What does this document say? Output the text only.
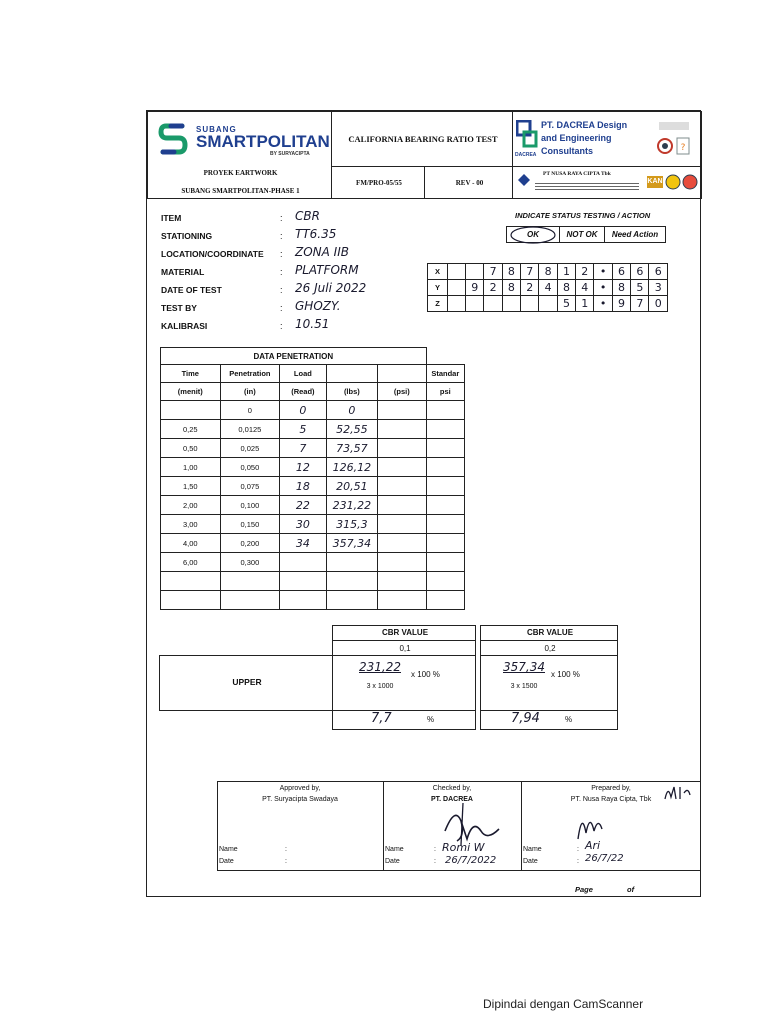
SUBANG
SMARTPOLITAN
BY SURYACIPTA
PROYEK EARTWORK
SUBANG SMARTPOLITAN-PHASE 1
CALIFORNIA BEARING RATIO TEST
FM/PRO-05/55	REV - 00
DACREA
PT. DACREA Design
and Engineering
Consultants	?
PT NUSA RAYA CIPTA Tbk
KAN
ITEM	: CBR
STATIONING	: TT6.35
LOCATION/COORDINATE : ZONA IIB
MATERIAL	: PLATFORM
DATE OF TEST	: 26 Juli 2022
TEST BY	: GHOZY.
KALIBRASI	: 10.51
INDICATE STATUS TESTING / ACTION
OK	NOT OK	Need Action
X			7	8	7	8	1	2	•	6	6	6
Y		9	2	8	2	4	8	4	•	8	5	3
Z							5	1	•	9	7	0
DATA PENETRATION					
Time	Penetration	Load			Standar
(menit)	(in)	(Read)	(lbs)	(psi)	psi
	0	0	0		
0,25	0,0125	5	52,55		
0,50	0,025	7	73,57		
1,00	0,050	12	126,12		
1,50	0,075	18	20,51		
2,00	0,100	22	231,22		
3,00	0,150	30	315,3		
4,00	0,200	34	357,34		
6,00	0,300				

UPPER
CBR VALUE
0,1
231,22
3 x 1000
x 100 %
7,7	%
CBR VALUE
0,2
357,34
3 x 1500
x 100 %
7,94	%
Approved by,
PT. Suryacipta Swadaya
Name	:
Date	:
Checked by,
PT. DACREA
Name	: Romi W
Date	: 26/7/2022
Prepared by,
PT. Nusa Raya Cipta, Tbk
Name	: Ari
Date	: 26/7/22
Page	of
Dipindai dengan CamScanner
